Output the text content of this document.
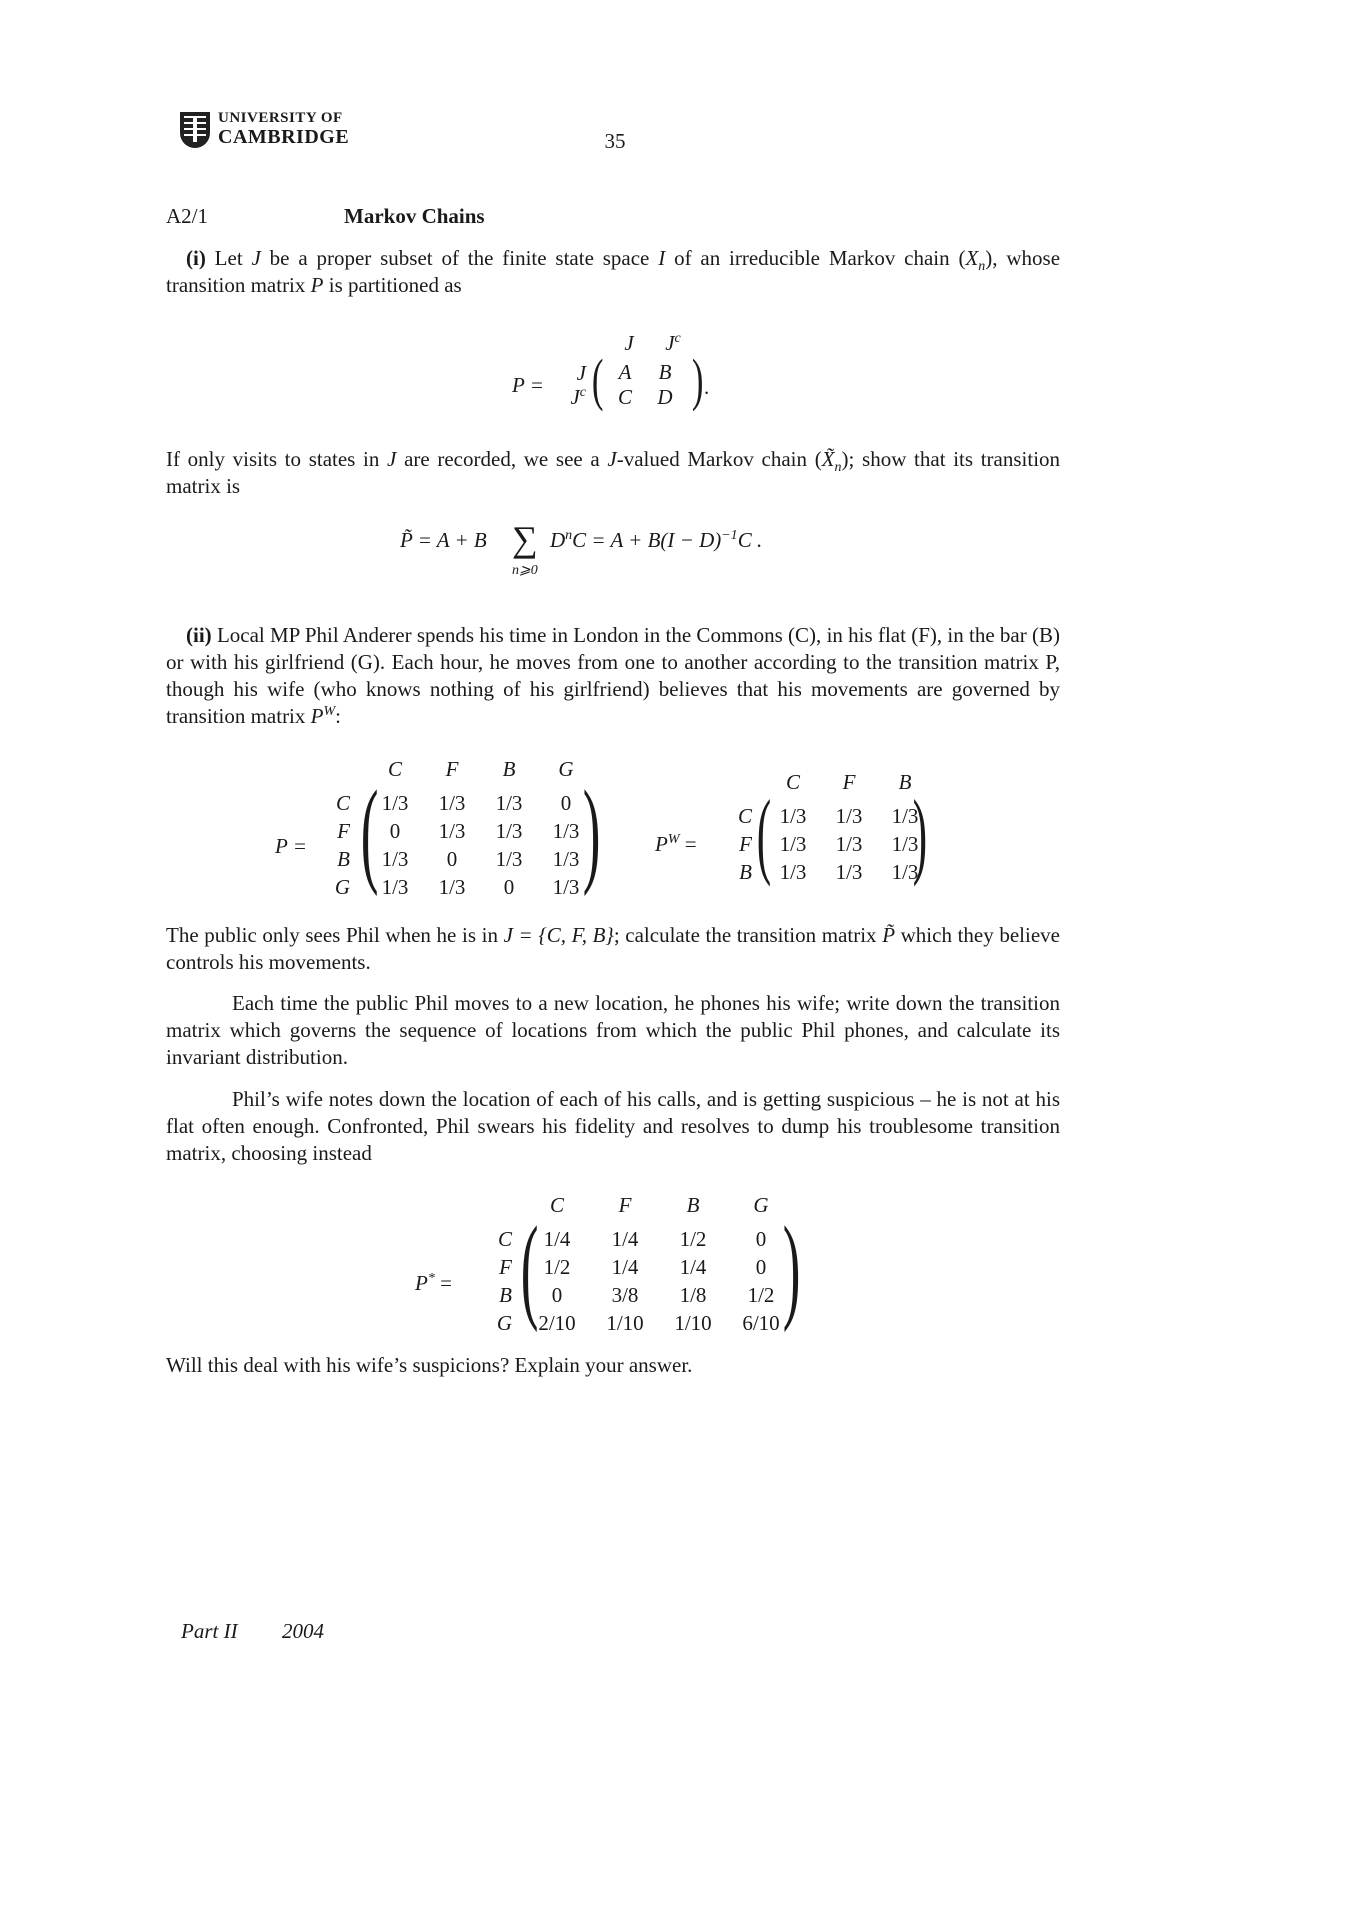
UNIVERSITY OF
CAMBRIDGE	35
A2/1	Markov Chains
(i) Let J be a proper subset of the finite state space I of an irreducible Markov chain $(X_n)$, whose transition matrix P is partitioned as
P =
J	$J^c$
J
$J^c$ ( ) .
A	B
C	D
If only visits to states in J are recorded, we see a J-valued Markov chain $(X̃_n)$; show that its transition matrix is
P̃ = A + B ∑
n⩾0
$D^nC = A + B(I - D)^{-1}C$ .
(ii) Local MP Phil Anderer spends his time in London in the Commons (C), in his flat (F), in the bar (B) or with his girlfriend (G). Each hour, he moves from one to another according to the transition matrix P, though his wife (who knows nothing of his girlfriend) believes that his movements are governed by transition matrix $P^W$:
P = ( )
C	F	B	G
C
F
B
G
1/3	1/3	1/3	0
0	1/3	1/3	1/3
1/3	0	1/3	1/3
1/3	1/3	0	1/3
$P^W$ = ( )
C	F	B
C
F
B
1/3	1/3	1/3
1/3	1/3	1/3
1/3	1/3	1/3
The public only sees Phil when he is in J = {C, F, B}; calculate the transition matrix P̃ which they believe controls his movements.
Each time the public Phil moves to a new location, he phones his wife; write down the transition matrix which governs the sequence of locations from which the public Phil phones, and calculate its invariant distribution.
Phil’s wife notes down the location of each of his calls, and is getting suspicious – he is not at his flat often enough. Confronted, Phil swears his fidelity and resolves to dump his troublesome transition matrix, choosing instead
P* = ( )
C	F	B	G
C
F
B
G
1/4	1/4	1/2	0
1/2	1/4	1/4	0
0	3/8	1/8	1/2
2/10	1/10	1/10	6/10
Will this deal with his wife’s suspicions? Explain your answer.
Part II 2004
